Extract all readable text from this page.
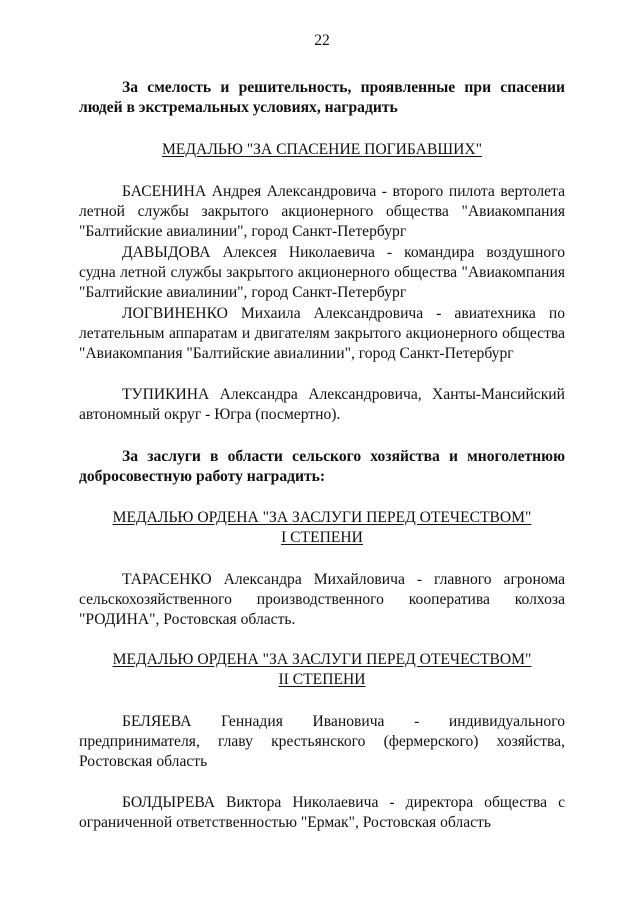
22

За смелость и решительность, проявленные при спасении людей в экстремальных условиях, наградить

МЕДАЛЬЮ "ЗА СПАСЕНИЕ ПОГИБАВШИХ"

БАСЕНИНА Андрея Александровича - второго пилота вертолета летной службы закрытого акционерного общества "Авиакомпания "Балтийские авиалинии", город Санкт-Петербург

ДАВЫДОВА Алексея Николаевича - командира воздушного судна летной службы закрытого акционерного общества "Авиакомпания "Балтийские авиалинии", город Санкт-Петербург

ЛОГВИНЕНКО Михаила Александровича - авиатехника по летательным аппаратам и двигателям закрытого акционерного общества "Авиакомпания "Балтийские авиалинии", город Санкт-Петербург

ТУПИКИНА Александра Александровича, Ханты-Мансийский автономный округ - Югра (посмертно).

За заслуги в области сельского хозяйства и многолетнюю добросовестную работу наградить:

МЕДАЛЬЮ ОРДЕНА "ЗА ЗАСЛУГИ ПЕРЕД ОТЕЧЕСТВОМ"
I СТЕПЕНИ

ТАРАСЕНКО Александра Михайловича - главного агронома сельскохозяйственного производственного кооператива колхоза "РОДИНА", Ростовская область.

МЕДАЛЬЮ ОРДЕНА "ЗА ЗАСЛУГИ ПЕРЕД ОТЕЧЕСТВОМ"
II СТЕПЕНИ

БЕЛЯЕВА Геннадия Ивановича - индивидуального предпринимателя, главу крестьянского (фермерского) хозяйства, Ростовская область

БОЛДЫРЕВА Виктора Николаевича - директора общества с ограниченной ответственностью "Ермак", Ростовская область
